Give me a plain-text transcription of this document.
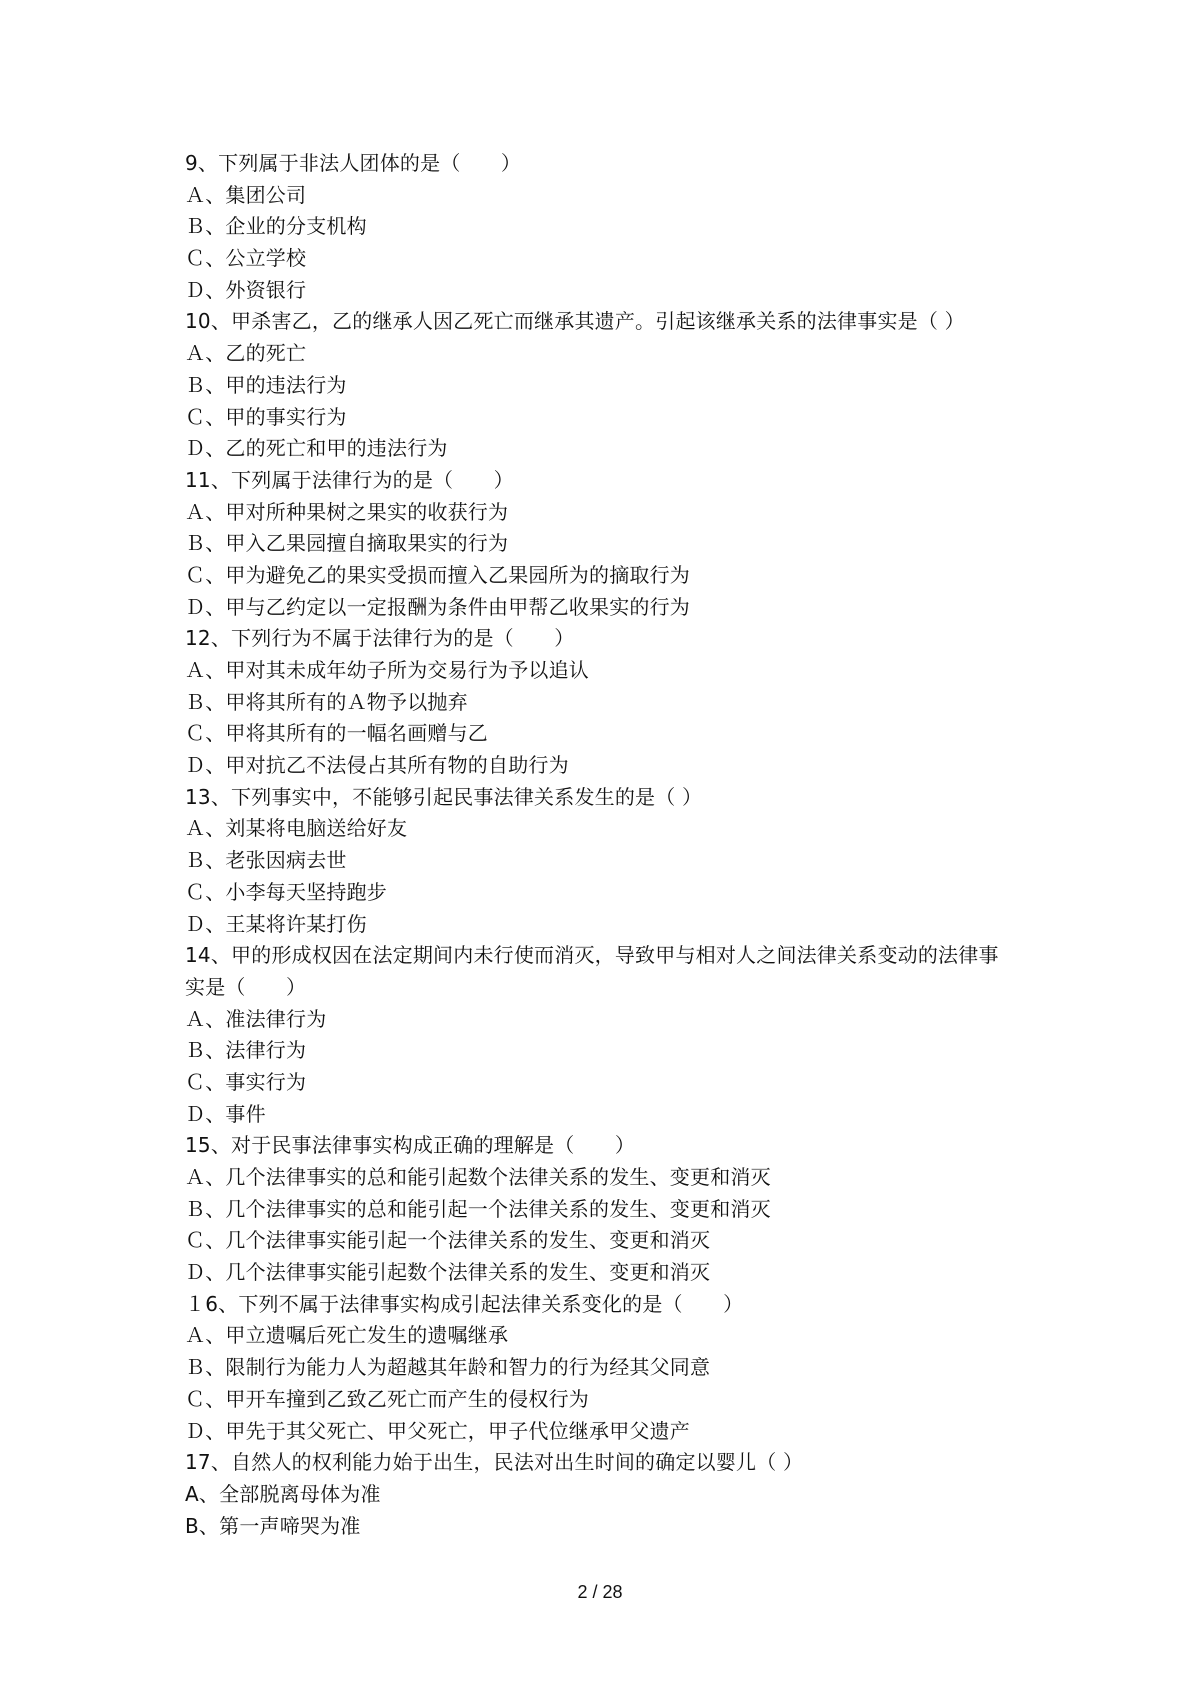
9、下列属于非法人团体的是（　　）
Ａ、集团公司
Ｂ、企业的分支机构
Ｃ、公立学校
Ｄ、外资银行
10、甲杀害乙，乙的继承人因乙死亡而继承其遗产。引起该继承关系的法律事实是（ ）
Ａ、乙的死亡
Ｂ、甲的违法行为
Ｃ、甲的事实行为
Ｄ、乙的死亡和甲的违法行为
11、下列属于法律行为的是（　　）
Ａ、甲对所种果树之果实的收获行为
Ｂ、甲入乙果园擅自摘取果实的行为
Ｃ、甲为避免乙的果实受损而擅入乙果园所为的摘取行为
Ｄ、甲与乙约定以一定报酬为条件由甲帮乙收果实的行为
12、下列行为不属于法律行为的是（　　）
Ａ、甲对其未成年幼子所为交易行为予以追认
Ｂ、甲将其所有的Ａ物予以抛弃
Ｃ、甲将其所有的一幅名画赠与乙
Ｄ、甲对抗乙不法侵占其所有物的自助行为
13、下列事实中，不能够引起民事法律关系发生的是（ ）
Ａ、刘某将电脑送给好友
Ｂ、老张因病去世
Ｃ、小李每天坚持跑步
Ｄ、王某将许某打伤
14、甲的形成权因在法定期间内未行使而消灭，导致甲与相对人之间法律关系变动的法律事
实是（　　）
Ａ、准法律行为
Ｂ、法律行为
Ｃ、事实行为
Ｄ、事件
15、对于民事法律事实构成正确的理解是（　　）
Ａ、几个法律事实的总和能引起数个法律关系的发生、变更和消灭
Ｂ、几个法律事实的总和能引起一个法律关系的发生、变更和消灭
Ｃ、几个法律事实能引起一个法律关系的发生、变更和消灭
Ｄ、几个法律事实能引起数个法律关系的发生、变更和消灭
１6、下列不属于法律事实构成引起法律关系变化的是（　　）
Ａ、甲立遗嘱后死亡发生的遗嘱继承
Ｂ、限制行为能力人为超越其年龄和智力的行为经其父同意
Ｃ、甲开车撞到乙致乙死亡而产生的侵权行为
Ｄ、甲先于其父死亡、甲父死亡，甲子代位继承甲父遗产
17、自然人的权利能力始于出生，民法对出生时间的确定以婴儿（ ）
A、全部脱离母体为准
B、第一声啼哭为准
2 / 28
